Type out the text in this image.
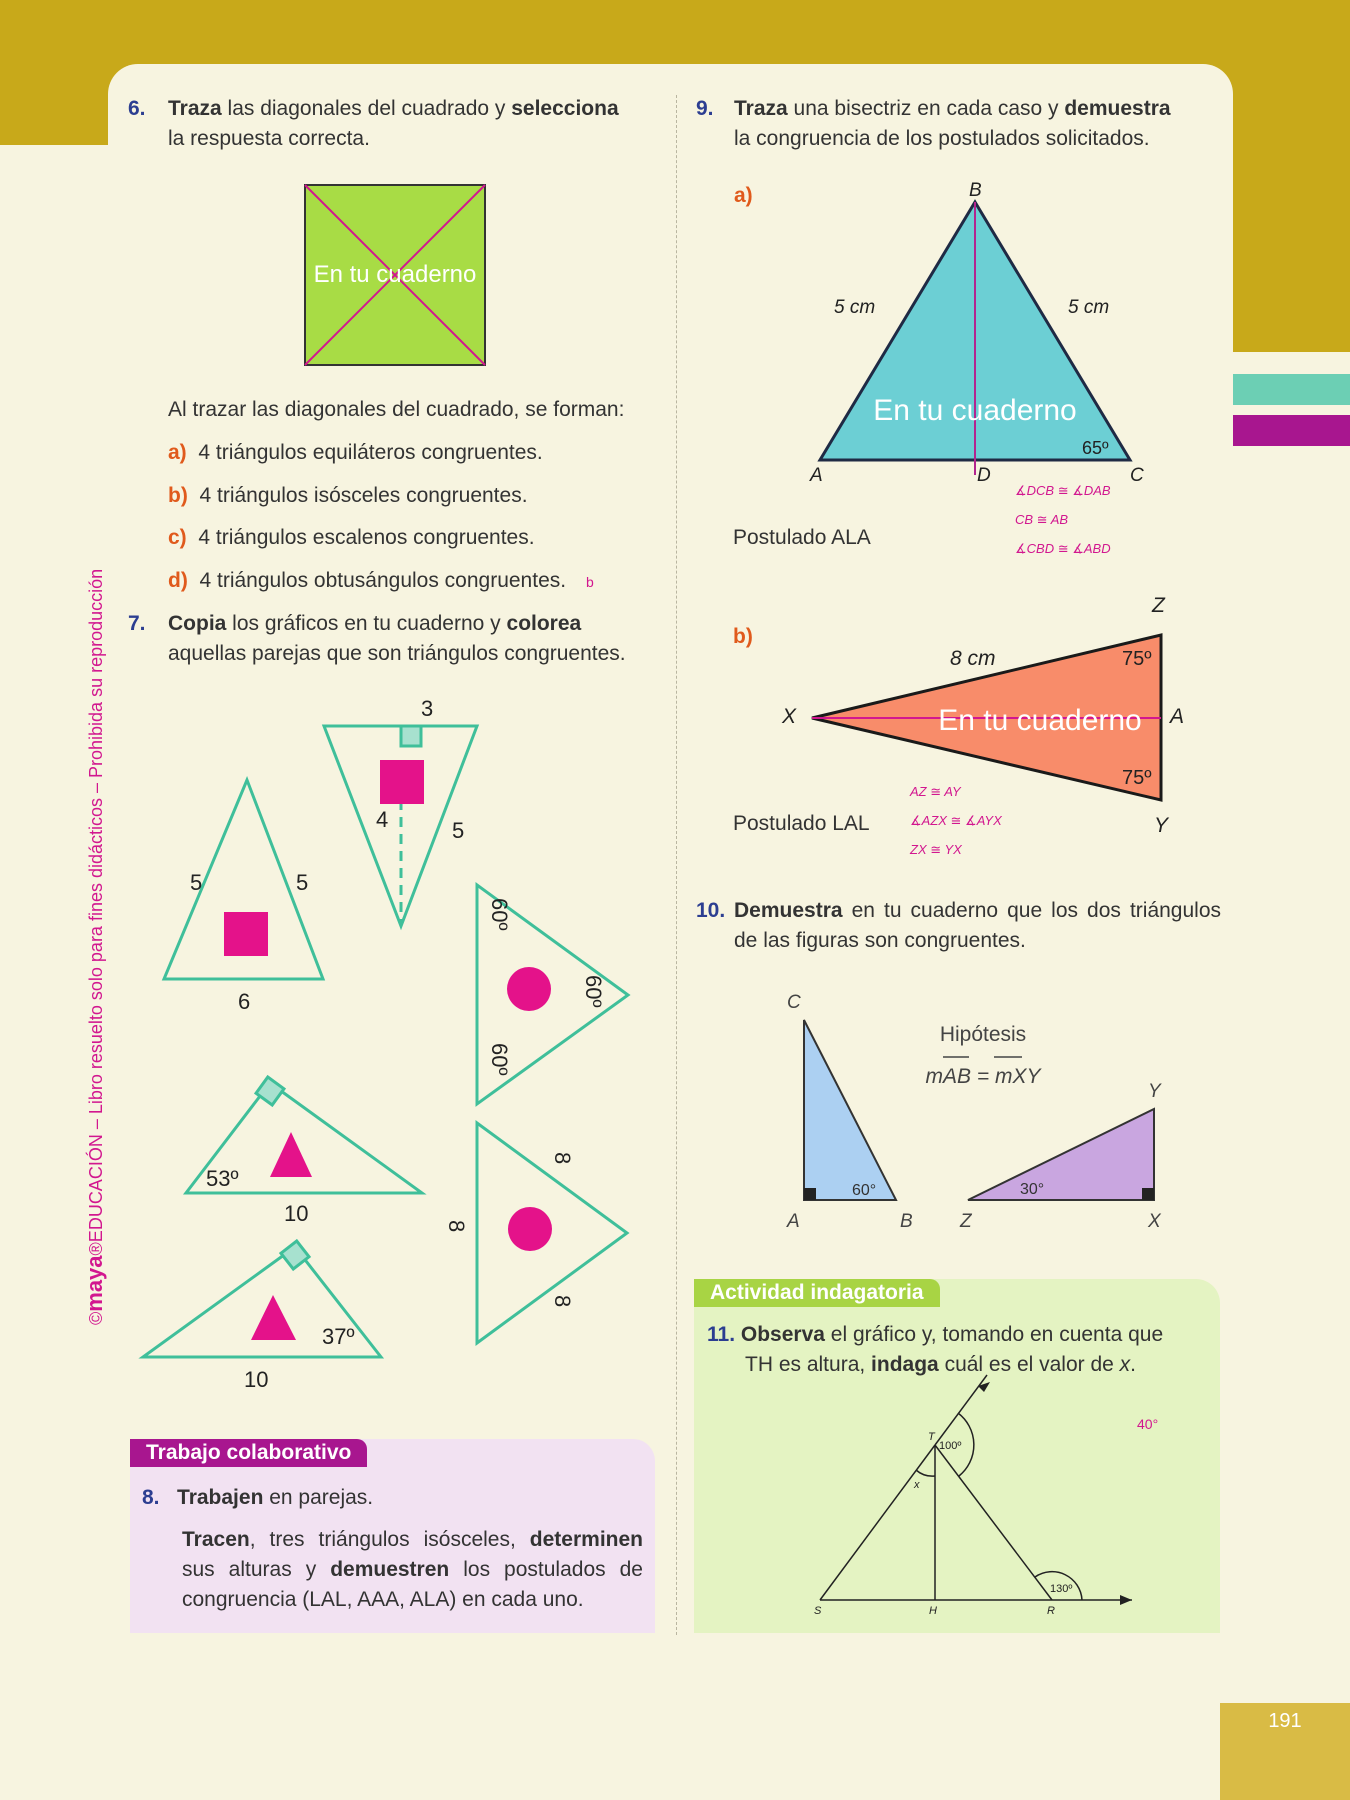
191
©maya®EDUCACIÓN – Libro resuelto solo para fines didácticos – Prohibida su reproducción
6. Traza las diagonales del cuadrado y selecciona
la respuesta correcta.
En tu cuaderno
Al trazar las diagonales del cuadrado, se forman:
a) 4 triángulos equiláteros congruentes.
b) 4 triángulos isósceles congruentes.
c) 4 triángulos escalenos congruentes.
d) 4 triángulos obtusángulos congruentes. b
7. Copia los gráficos en tu cuaderno y colorea
aquellas parejas que son triángulos congruentes.
5	5
6
3
4	5
60º
60º
60º
53º
10
37º
10
8
8
8
Trabajo colaborativo
8. Trabajen en parejas.
Tracen, tres triángulos isósceles, determinen sus alturas y demuestren los postulados de congruencia (LAL, AAA, ALA) en cada uno.
9. Traza una bisectriz en cada caso y demuestra
la congruencia de los postulados solicitados.
a)
En tu cuaderno
B
A	C
D
5 cm	5 cm
65º
∡DCB ≅ ∡DAB
CB ≅ AB
∡CBD ≅ ∡ABD
Postulado ALA
b)
En tu cuaderno
X
Z
A
Y
8 cm	75º
75º
AZ ≅ AY
∡AZX ≅ ∡AYX
ZX ≅ YX
Postulado LAL
10. Demuestra en tu cuaderno que los dos triángulos de las figuras son congruentes.
C
A	B
Y
Z	X
60°	30°
Hipótesis
mAB = mXY
Actividad indagatoria
11. Observa el gráfico y, tomando en cuenta que
TH es altura, indaga cuál es el valor de x.
T
S	H	R
x
100º
130º
40°
